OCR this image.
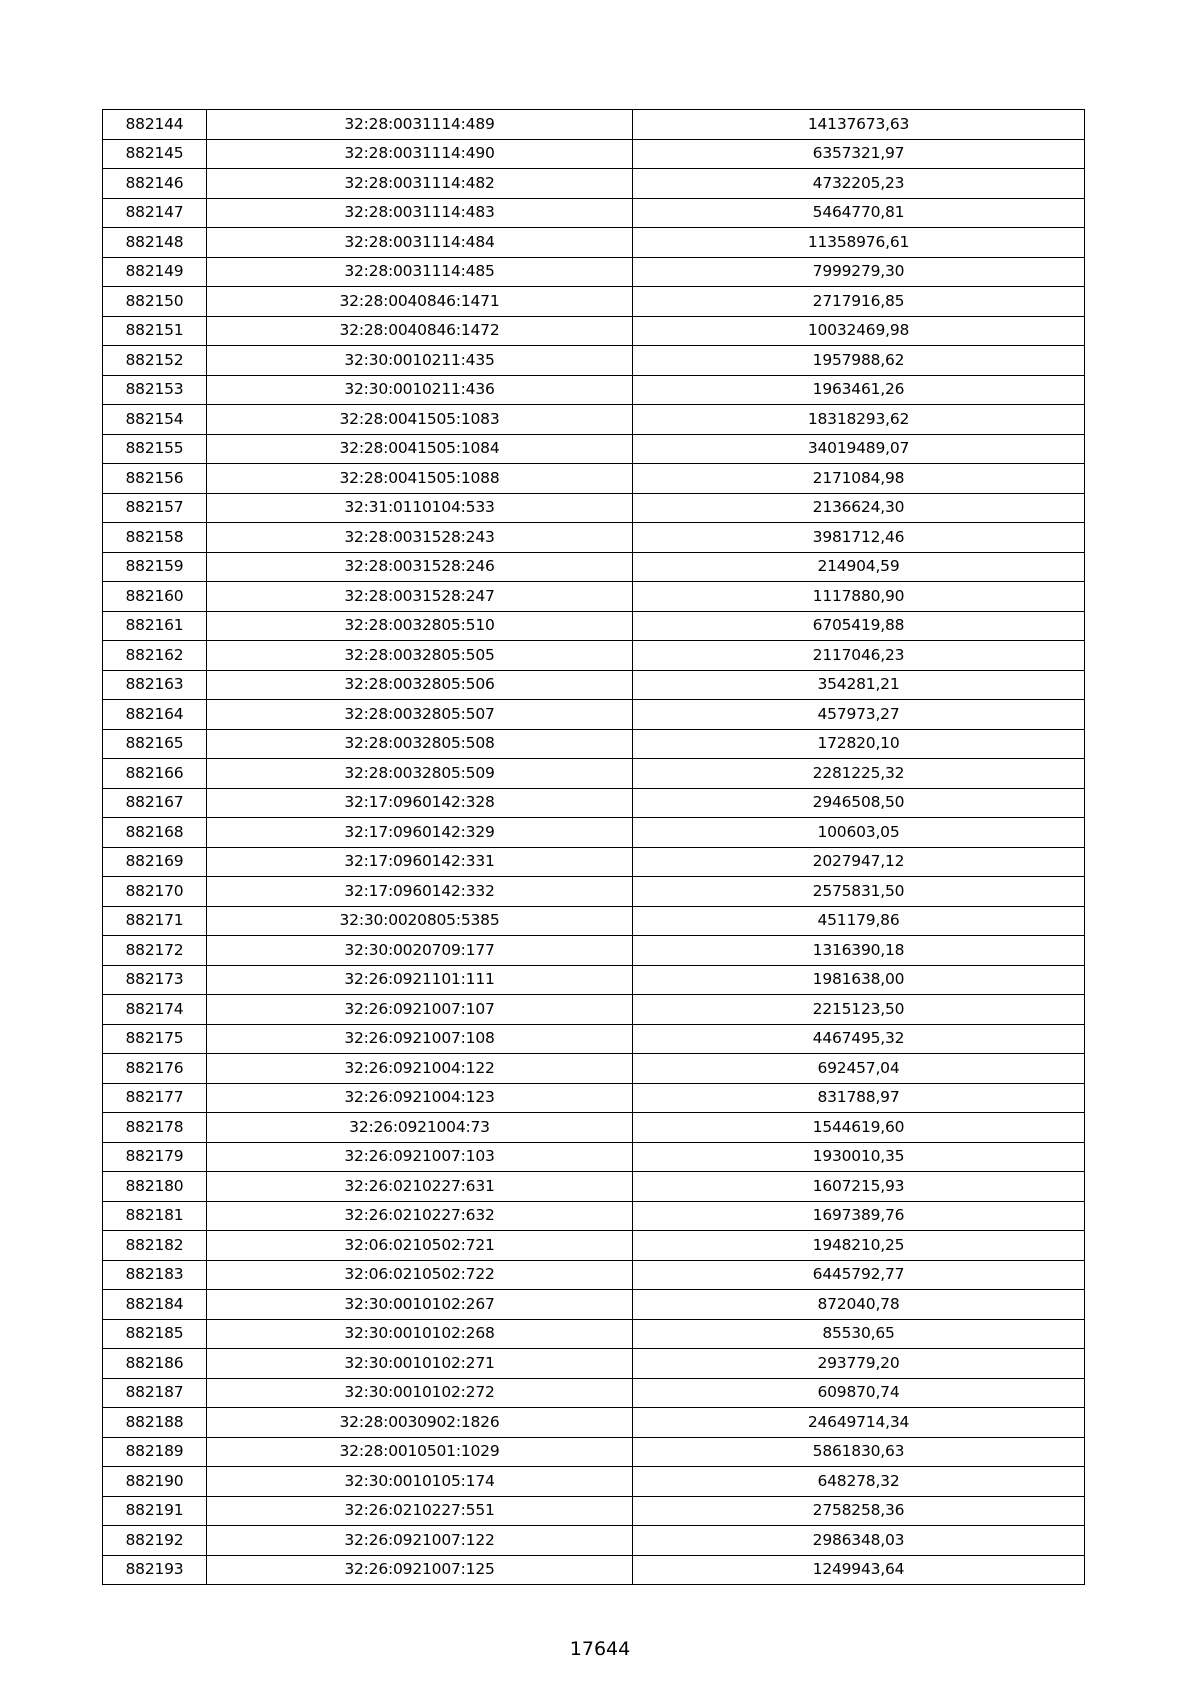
882144	32:28:0031114:489	14137673,63
882145	32:28:0031114:490	6357321,97
882146	32:28:0031114:482	4732205,23
882147	32:28:0031114:483	5464770,81
882148	32:28:0031114:484	11358976,61
882149	32:28:0031114:485	7999279,30
882150	32:28:0040846:1471	2717916,85
882151	32:28:0040846:1472	10032469,98
882152	32:30:0010211:435	1957988,62
882153	32:30:0010211:436	1963461,26
882154	32:28:0041505:1083	18318293,62
882155	32:28:0041505:1084	34019489,07
882156	32:28:0041505:1088	2171084,98
882157	32:31:0110104:533	2136624,30
882158	32:28:0031528:243	3981712,46
882159	32:28:0031528:246	214904,59
882160	32:28:0031528:247	1117880,90
882161	32:28:0032805:510	6705419,88
882162	32:28:0032805:505	2117046,23
882163	32:28:0032805:506	354281,21
882164	32:28:0032805:507	457973,27
882165	32:28:0032805:508	172820,10
882166	32:28:0032805:509	2281225,32
882167	32:17:0960142:328	2946508,50
882168	32:17:0960142:329	100603,05
882169	32:17:0960142:331	2027947,12
882170	32:17:0960142:332	2575831,50
882171	32:30:0020805:5385	451179,86
882172	32:30:0020709:177	1316390,18
882173	32:26:0921101:111	1981638,00
882174	32:26:0921007:107	2215123,50
882175	32:26:0921007:108	4467495,32
882176	32:26:0921004:122	692457,04
882177	32:26:0921004:123	831788,97
882178	32:26:0921004:73	1544619,60
882179	32:26:0921007:103	1930010,35
882180	32:26:0210227:631	1607215,93
882181	32:26:0210227:632	1697389,76
882182	32:06:0210502:721	1948210,25
882183	32:06:0210502:722	6445792,77
882184	32:30:0010102:267	872040,78
882185	32:30:0010102:268	85530,65
882186	32:30:0010102:271	293779,20
882187	32:30:0010102:272	609870,74
882188	32:28:0030902:1826	24649714,34
882189	32:28:0010501:1029	5861830,63
882190	32:30:0010105:174	648278,32
882191	32:26:0210227:551	2758258,36
882192	32:26:0921007:122	2986348,03
882193	32:26:0921007:125	1249943,64
17644
